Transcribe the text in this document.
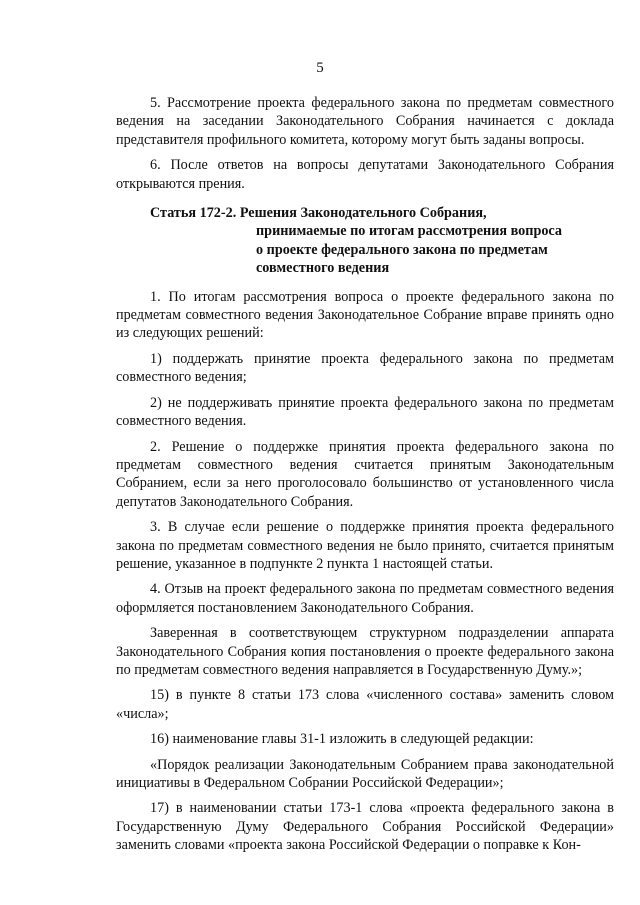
5

5. Рассмотрение проекта федерального закона по предметам совместного ведения на заседании Законодательного Собрания начинается с доклада представителя профильного комитета, которому могут быть заданы вопросы.

6. После ответов на вопросы депутатами Законодательного Собрания открываются прения.

Статья 172-2. Решения Законодательного Собрания,
принимаемые по итогам рассмотрения вопроса
о проекте федерального закона по предметам
совместного ведения

1. По итогам рассмотрения вопроса о проекте федерального закона по предметам совместного ведения Законодательное Собрание вправе принять одно из следующих решений:

1) поддержать принятие проекта федерального закона по предметам совместного ведения;

2) не поддерживать принятие проекта федерального закона по предметам совместного ведения.

2. Решение о поддержке принятия проекта федерального закона по предметам совместного ведения считается принятым Законодательным Собранием, если за него проголосовало большинство от установленного числа депутатов Законодательного Собрания.

3. В случае если решение о поддержке принятия проекта федерального закона по предметам совместного ведения не было принято, считается принятым решение, указанное в подпункте 2 пункта 1 настоящей статьи.

4. Отзыв на проект федерального закона по предметам совместного ведения оформляется постановлением Законодательного Собрания.

Заверенная в соответствующем структурном подразделении аппарата Законодательного Собрания копия постановления о проекте федерального закона по предметам совместного ведения направляется в Государственную Думу.»;

15) в пункте 8 статьи 173 слова «численного состава» заменить словом «числа»;

16) наименование главы 31-1 изложить в следующей редакции:

«Порядок реализации Законодательным Собранием права законодательной инициативы в Федеральном Собрании Российской Федерации»;

17) в наименовании статьи 173-1 слова «проекта федерального закона в Государственную Думу Федерального Собрания Российской Федерации» заменить словами «проекта закона Российской Федерации о поправке к Кон-
